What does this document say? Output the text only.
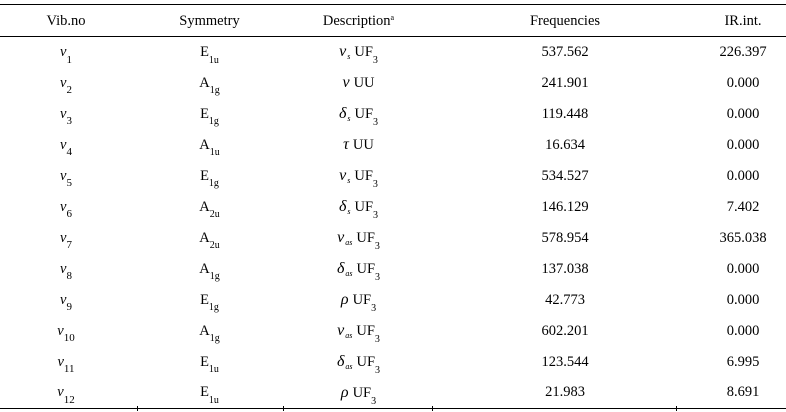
Vib.no	Symmetry	Description$^a$	Frequencies	IR.int.
$\nu_1$	$E_{1u}$	$\nu_s$ $UF_3$	537.562	226.397
$\nu_2$	$A_{1g}$	ν UU	241.901	0.000
$\nu_3$	$E_{1g}$	$\delta_s$ $UF_3$	119.448	0.000
$\nu_4$	$A_{1u}$	τ UU	16.634	0.000
$\nu_5$	$E_{1g}$	$\nu_s$ $UF_3$	534.527	0.000
$\nu_6$	$A_{2u}$	$\delta_s$ $UF_3$	146.129	7.402
$\nu_7$	$A_{2u}$	$\nu_{as}$ $UF_3$	578.954	365.038
$\nu_8$	$A_{1g}$	$\delta_{as}$ $UF_3$	137.038	0.000
$\nu_9$	$E_{1g}$	ρ $UF_3$	42.773	0.000
$\nu_{10}$	$A_{1g}$	$\nu_{as}$ $UF_3$	602.201	0.000
$\nu_{11}$	$E_{1u}$	$\delta_{as}$ $UF_3$	123.544	6.995
$\nu_{12}$	$E_{1u}$	ρ $UF_3$	21.983	8.691
